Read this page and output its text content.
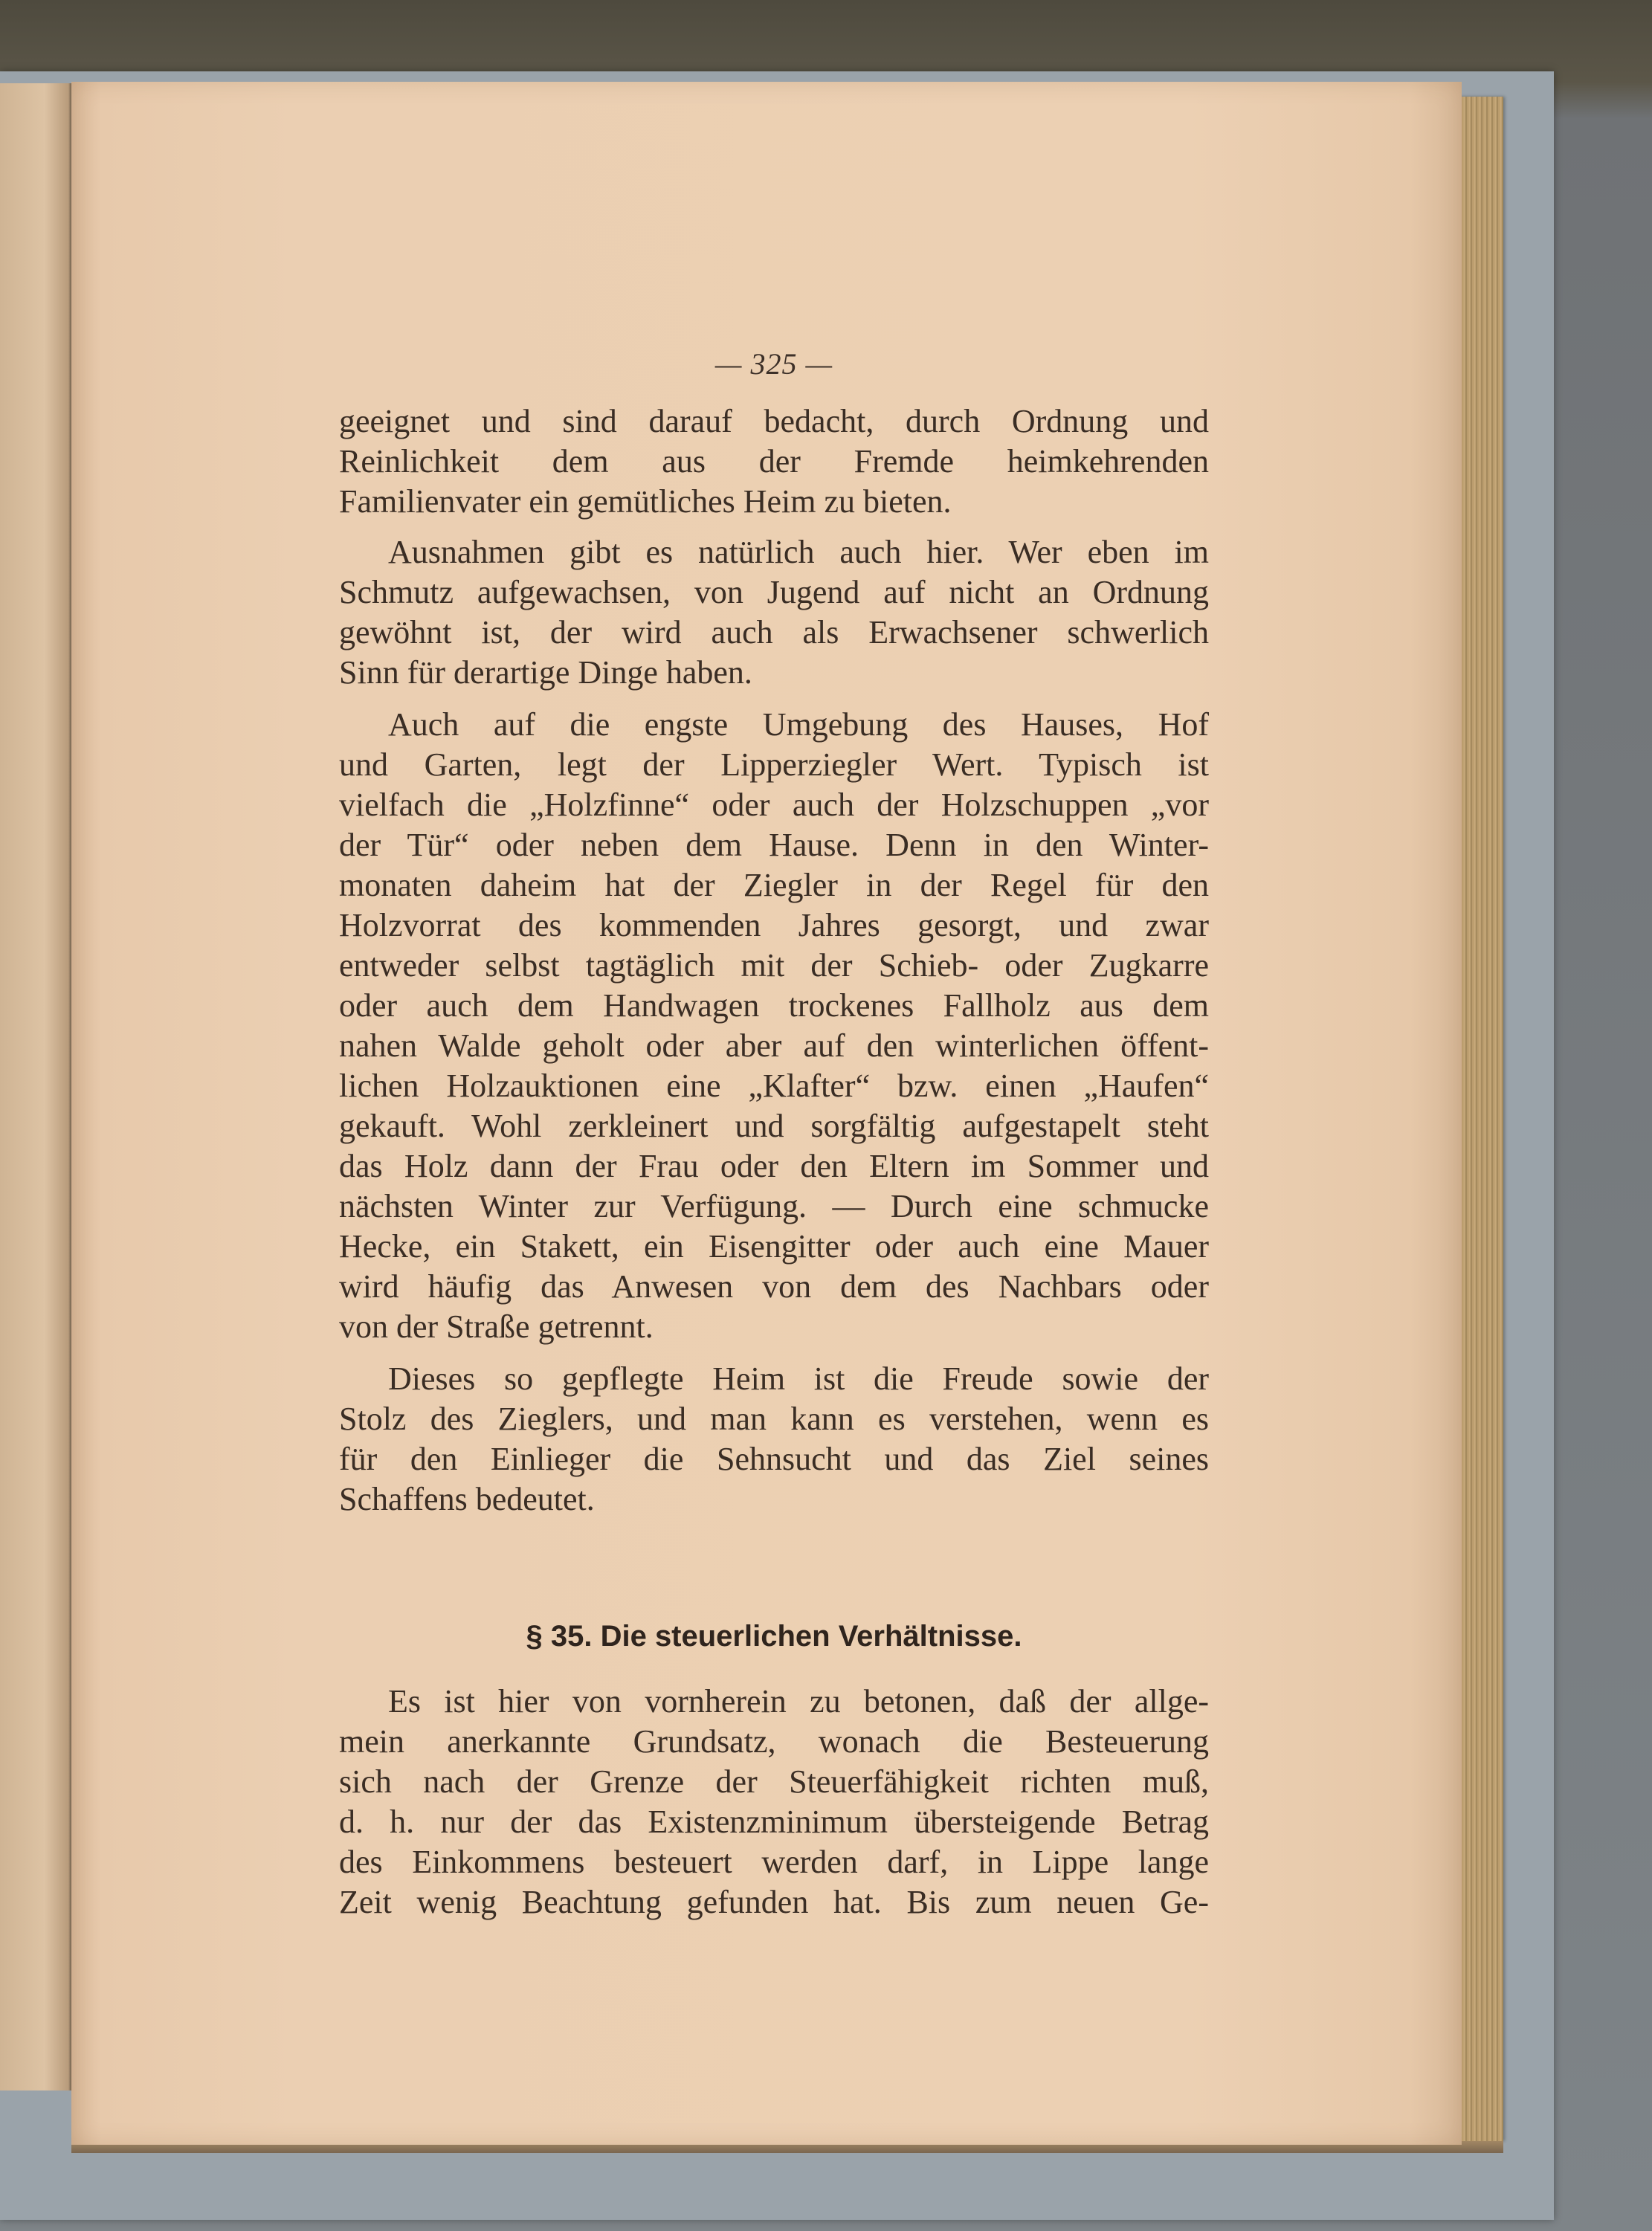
— 325 —
geeignet und sind darauf bedacht, durch Ordnung und
Reinlichkeit dem aus der Fremde heimkehrenden
Familienvater ein gemütliches Heim zu bieten.
Ausnahmen gibt es natürlich auch hier. Wer eben im
Schmutz aufgewachsen, von Jugend auf nicht an Ordnung
gewöhnt ist, der wird auch als Erwachsener schwerlich
Sinn für derartige Dinge haben.
Auch auf die engste Umgebung des Hauses, Hof
und Garten, legt der Lipperziegler Wert. Typisch ist
vielfach die „Holzfinne“ oder auch der Holzschuppen „vor
der Tür“ oder neben dem Hause. Denn in den Winter-
monaten daheim hat der Ziegler in der Regel für den
Holzvorrat des kommenden Jahres gesorgt, und zwar
entweder selbst tagtäglich mit der Schieb- oder Zugkarre
oder auch dem Handwagen trockenes Fallholz aus dem
nahen Walde geholt oder aber auf den winterlichen öffent-
lichen Holzauktionen eine „Klafter“ bzw. einen „Haufen“
gekauft. Wohl zerkleinert und sorgfältig aufgestapelt steht
das Holz dann der Frau oder den Eltern im Sommer und
nächsten Winter zur Verfügung. — Durch eine schmucke
Hecke, ein Stakett, ein Eisengitter oder auch eine Mauer
wird häufig das Anwesen von dem des Nachbars oder
von der Straße getrennt.
Dieses so gepflegte Heim ist die Freude sowie der
Stolz des Zieglers, und man kann es verstehen, wenn es
für den Einlieger die Sehnsucht und das Ziel seines
Schaffens bedeutet.
§ 35. Die steuerlichen Verhältnisse.
Es ist hier von vornherein zu betonen, daß der allge-
mein anerkannte Grundsatz, wonach die Besteuerung
sich nach der Grenze der Steuerfähigkeit richten muß,
d. h. nur der das Existenzminimum übersteigende Betrag
des Einkommens besteuert werden darf, in Lippe lange
Zeit wenig Beachtung gefunden hat. Bis zum neuen Ge-
